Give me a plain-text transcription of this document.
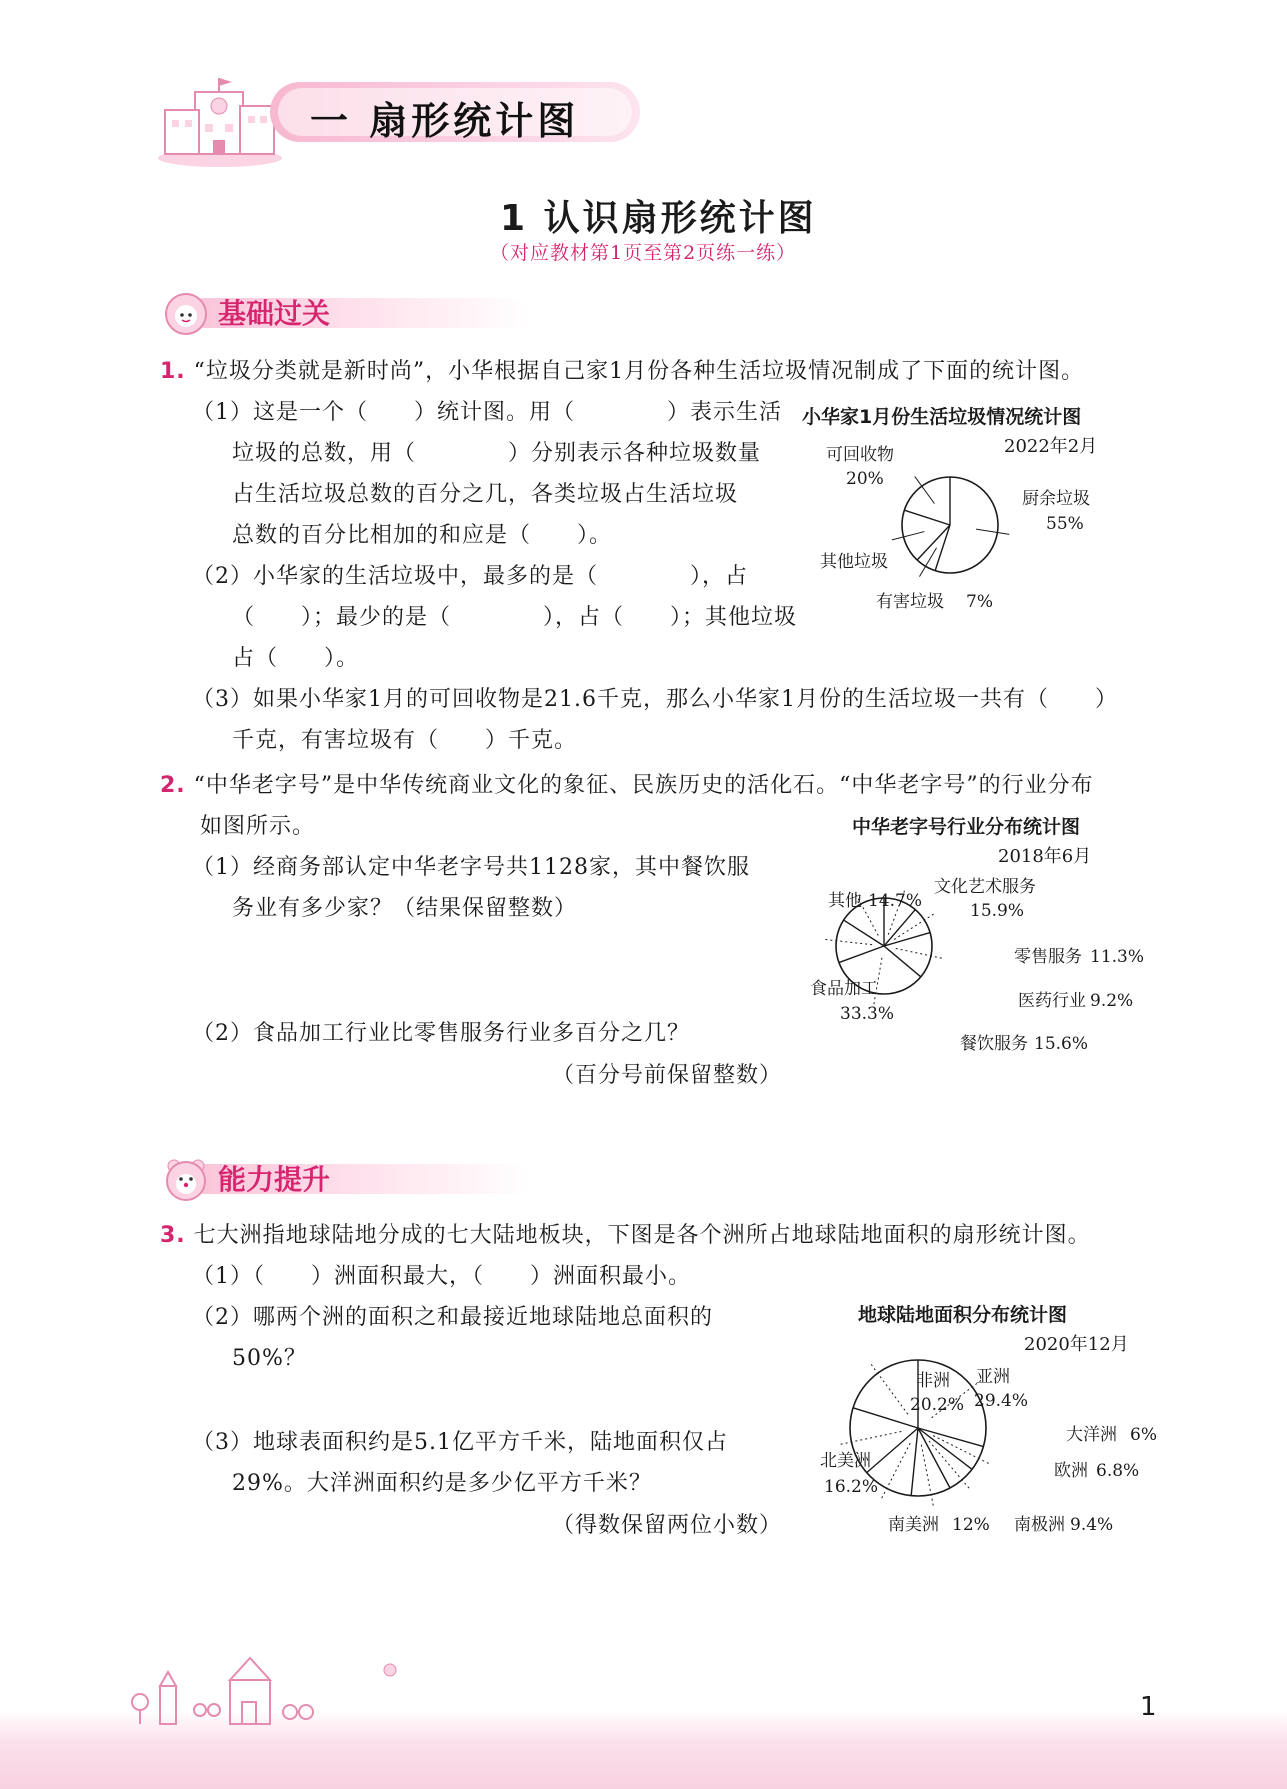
一 扇形统计图
1 认识扇形统计图
（对应教材第1页至第2页练一练）
基础过关
1. “垃圾分类就是新时尚”，小华根据自己家1月份各种生活垃圾情况制成了下面的统计图。
（1）这是一个（　　）统计图。用（　　　　）表示生活
垃圾的总数，用（　　　　）分别表示各种垃圾数量
占生活垃圾总数的百分之几，各类垃圾占生活垃圾
总数的百分比相加的和应是（　　）。
（2）小华家的生活垃圾中，最多的是（　　　　），占
（　　）；最少的是（　　　　），占（　　）；其他垃圾
占（　　）。
（3）如果小华家1月的可回收物是21.6千克，那么小华家1月份的生活垃圾一共有（　　）
千克，有害垃圾有（　　）千克。
小华家1月份生活垃圾情况统计图
2022年2月
可回收物
20%
厨余垃圾
55%
其他垃圾
有害垃圾 7%
2. “中华老字号”是中华传统商业文化的象征、民族历史的活化石。“中华老字号”的行业分布
如图所示。
（1）经商务部认定中华老字号共1128家，其中餐饮服
务业有多少家？（结果保留整数）
（2）食品加工行业比零售服务行业多百分之几？
（百分号前保留整数）
中华老字号行业分布统计图
2018年6月
其他 14.7%
文化艺术服务
15.9%
零售服务 11.3%
医药行业 9.2%
食品加工
33.3%
餐饮服务 15.6%
能力提升
3. 七大洲指地球陆地分成的七大陆地板块，下图是各个洲所占地球陆地面积的扇形统计图。
（1）（　　）洲面积最大，（　　）洲面积最小。
（2）哪两个洲的面积之和最接近地球陆地总面积的
50%？
（3）地球表面积约是5.1亿平方千米，陆地面积仅占
29%。大洋洲面积约是多少亿平方千米？
（得数保留两位小数）
地球陆地面积分布统计图
2020年12月
非洲
20.2%
亚洲
29.4%
大洋洲 6%
欧洲 6.8%
北美洲
16.2%
南美洲 12% 南极洲 9.4%
1
